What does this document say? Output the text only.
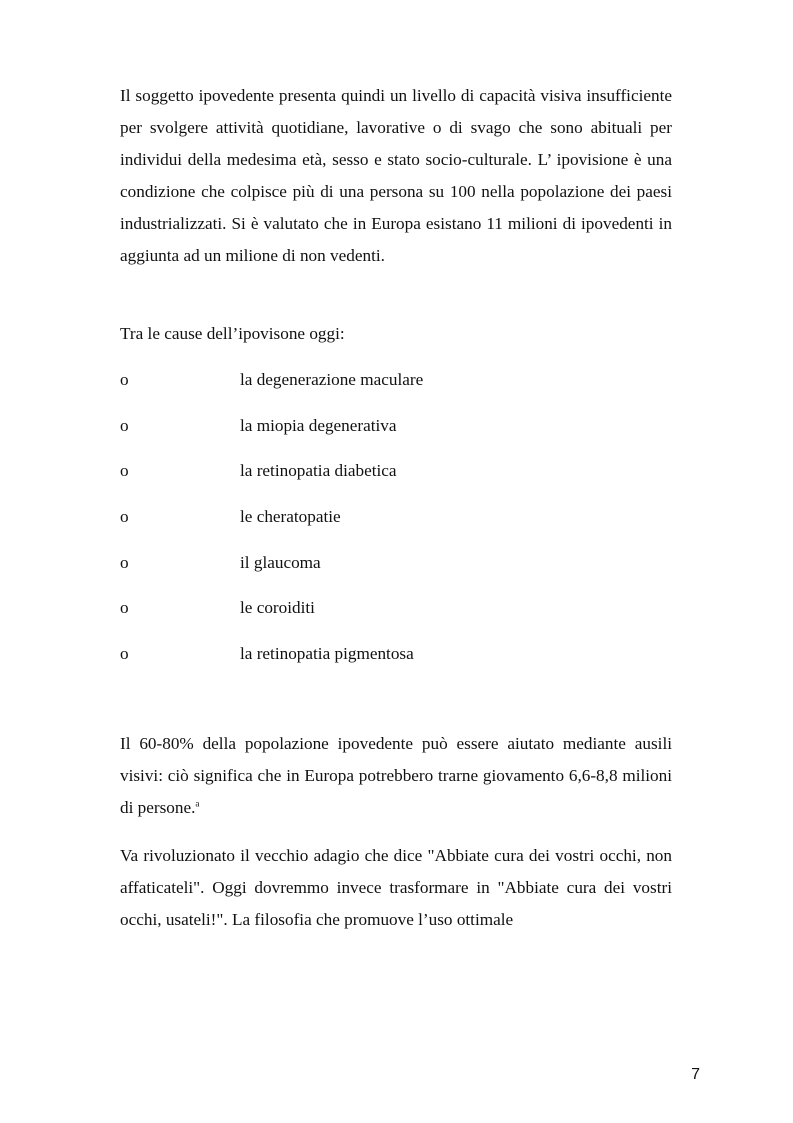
Il soggetto ipovedente presenta quindi un livello di capacità visiva insufficiente per svolgere attività quotidiane, lavorative o di svago che sono abituali per individui della medesima età, sesso e stato socio-culturale. L’ ipovisione è una condizione che colpisce più di una persona su 100 nella popolazione dei paesi industrializzati. Si è valutato che in Europa esistano 11 milioni di ipovedenti in aggiunta ad un milione di non vedenti.

Tra le cause dell’ipovisone oggi:

o	la degenerazione maculare
o	la miopia degenerativa
o	la retinopatia diabetica
o	le cheratopatie
o	il glaucoma
o	le coroiditi
o	la retinopatia pigmentosa

Il 60-80% della popolazione ipovedente può essere aiutato mediante ausili visivi: ciò significa che in Europa potrebbero trarne giovamento 6,6-8,8 milioni di persone.$^a$

Va rivoluzionato il vecchio adagio che dice "Abbiate cura dei vostri occhi, non affaticateli". Oggi dovremmo invece trasformare in "Abbiate cura dei vostri occhi, usateli!". La filosofia che promuove l’uso ottimale

7
